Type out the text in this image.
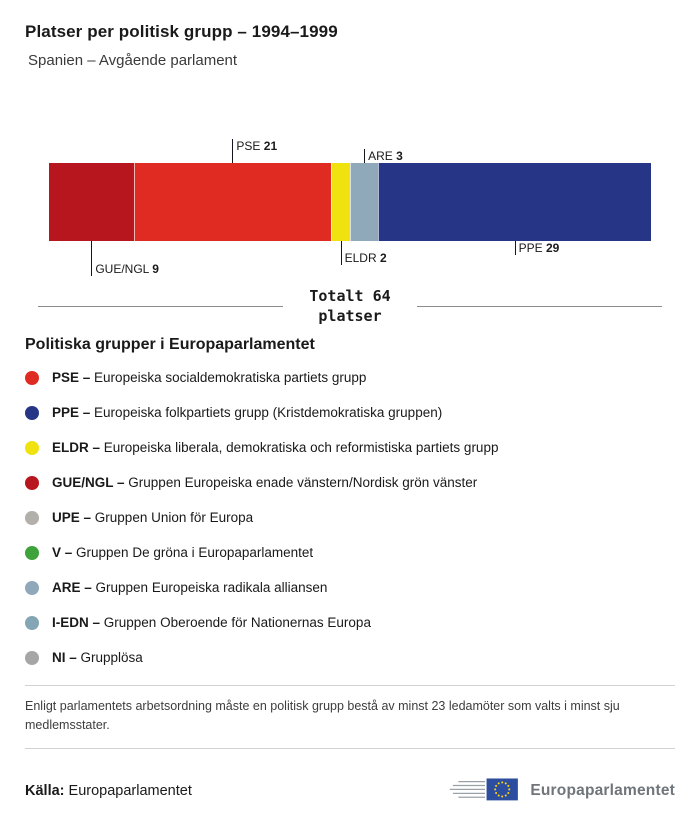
Platser per politisk grupp – 1994–1999
Spanien – Avgående parlament
GUE/NGL 9
PSE 21
ELDR 2
ARE 3
PPE 29
Totalt 64
platser
Politiska grupper i Europaparlamentet
PSE – Europeiska socialdemokratiska partiets grupp
PPE – Europeiska folkpartiets grupp (Kristdemokratiska gruppen)
ELDR – Europeiska liberala, demokratiska och reformistiska partiets grupp
GUE/NGL – Gruppen Europeiska enade vänstern/Nordisk grön vänster
UPE – Gruppen Union för Europa
V – Gruppen De gröna i Europaparlamentet
ARE – Gruppen Europeiska radikala alliansen
I-EDN – Gruppen Oberoende för Nationernas Europa
NI – Grupplösa

Enligt parlamentets arbetsordning måste en politisk grupp bestå av minst 23 ledamöter som valts i minst sju medlemsstater.

Källa: Europaparlamentet	Europaparlamentet
